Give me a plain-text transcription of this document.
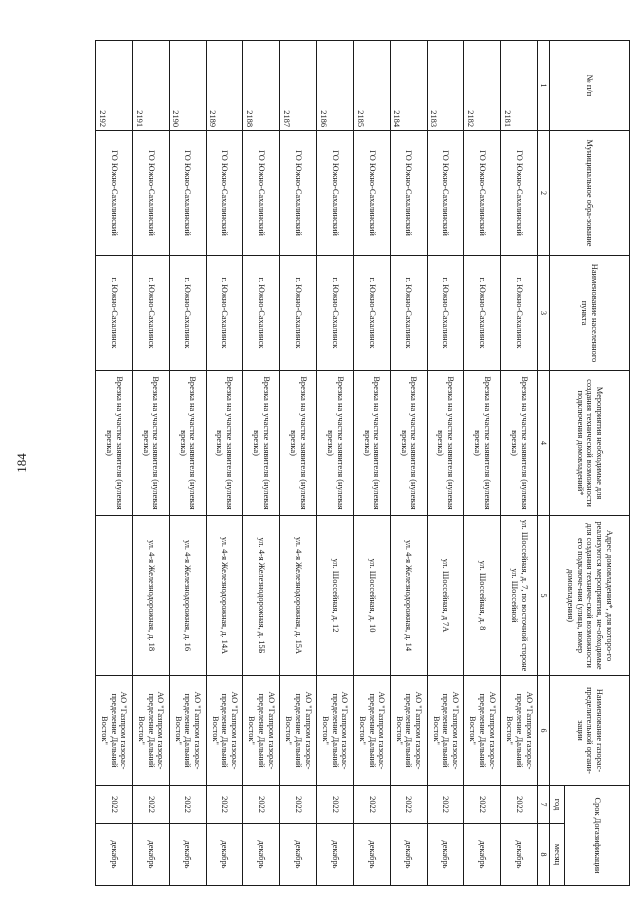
184
№ п/п	Муниципальное обра-зование	Наименование населенного пункта	Мероприятия необходимые для создания технической возможности подключения домовладений*	Адрес домовладения*, для которо-го реализуются мероприятия, не-обходимые для создания техниче-ской возможности его подключе-ния (улица, номер домовладения)	Наименование газорас-пределительной органи-зации	Срок Догазификации	
						год	месяц
1	2	3	4	5	6	7	8
2181	ГО Южно-Сахалинский	г. Южно-Сахалинск	Врезка на участке заявителя (нулевая врезка)	ул. Шоссейная, д. 7, по восточной стороне ул. Шоссейной	АО "Газпром газорас-пределение Дальний Восток"	2022	декабрь
2182	ГО Южно-Сахалинский	г. Южно-Сахалинск	Врезка на участке заявителя (нулевая врезка)	ул. Шоссейная, д. 8	АО "Газпром газорас-пределение Дальний Восток"	2022	декабрь
2183	ГО Южно-Сахалинский	г. Южно-Сахалинск	Врезка на участке заявителя (нулевая врезка)	ул. Шоссейная, д 7А	АО "Газпром газорас-пределение Дальний Восток"	2022	декабрь
2184	ГО Южно-Сахалинский	г. Южно-Сахалинск	Врезка на участке заявителя (нулевая врезка)	ул. 4-я Железнодорожная, д. 14	АО "Газпром газорас-пределение Дальний Восток"	2022	декабрь
2185	ГО Южно-Сахалинский	г. Южно-Сахалинск	Врезка на участке заявителя (нулевая врезка)	ул. Шоссейная, д. 10	АО "Газпром газорас-пределение Дальний Восток"	2022	декабрь
2186	ГО Южно-Сахалинский	г. Южно-Сахалинск	Врезка на участке заявителя (нулевая врезка)	ул. Шоссейная, д. 12	АО "Газпром газорас-пределение Дальний Восток"	2022	декабрь
2187	ГО Южно-Сахалинский	г. Южно-Сахалинск	Врезка на участке заявителя (нулевая врезка)	ул. 4-я Железнодорожная, д. 15А	АО "Газпром газорас-пределение Дальний Восток"	2022	декабрь
2188	ГО Южно-Сахалинский	г. Южно-Сахалинск	Врезка на участке заявителя (нулевая врезка)	ул. 4-я Железнодорожная, д. 15Б	АО "Газпром газорас-пределение Дальний Восток"	2022	декабрь
2189	ГО Южно-Сахалинский	г. Южно-Сахалинск	Врезка на участке заявителя (нулевая врезка)	ул. 4-я Железнодорожная, д. 14А	АО "Газпром газорас-пределение Дальний Восток"	2022	декабрь
2190	ГО Южно-Сахалинский	г. Южно-Сахалинск	Врезка на участке заявителя (нулевая врезка)	ул. 4-я Железнодорожная, д. 16	АО "Газпром газорас-пределение Дальний Восток"	2022	декабрь
2191	ГО Южно-Сахалинский	г. Южно-Сахалинск	Врезка на участке заявителя (нулевая врезка)	ул. 4-я Железнодорожная, д. 18	АО "Газпром газорас-пределение Дальний Восток"	2022	декабрь
2192	ГО Южно-Сахалинский	г. Южно-Сахалинск	Врезка на участке заявителя (нулевая врезка)		АО "Газпром газорас-пределение Дальний Восток"	2022	декабрь
